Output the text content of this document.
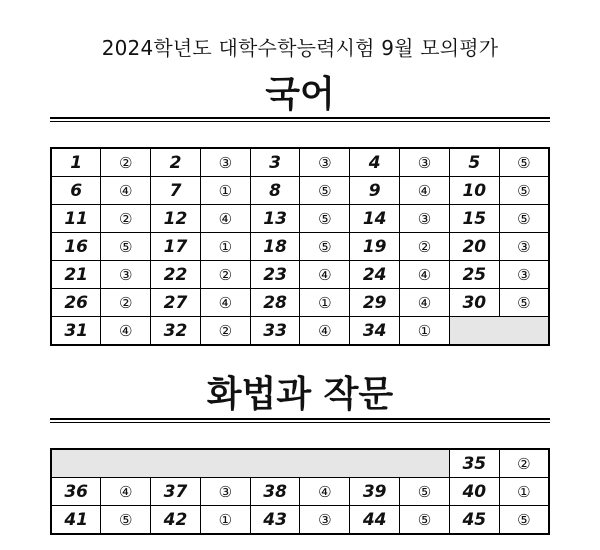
2024학년도 대학수학능력시험 9월 모의평가
국어
1	②	2	③	3	③	4	③	5	⑤
6	④	7	①	8	⑤	9	④	10	⑤
11	②	12	④	13	⑤	14	③	15	⑤
16	⑤	17	①	18	⑤	19	②	20	③
21	③	22	②	23	④	24	④	25	③
26	②	27	④	28	①	29	④	30	⑤
31	④	32	②	33	④	34	①		
화법과 작문
								35	②
36	④	37	③	38	④	39	⑤	40	①
41	⑤	42	①	43	③	44	⑤	45	⑤
